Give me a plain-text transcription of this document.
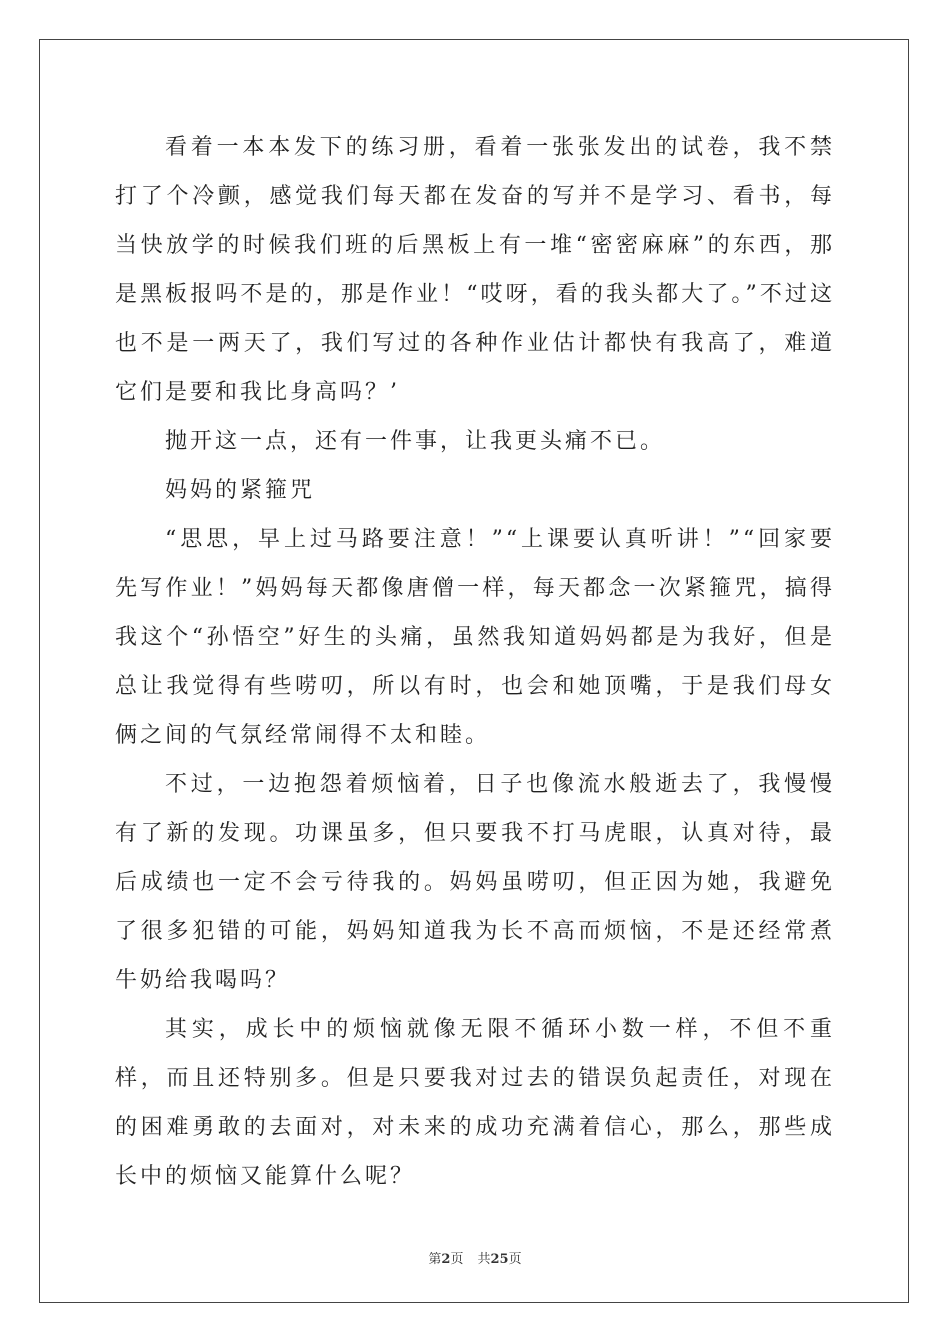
看着一本本发下的练习册，看着一张张发出的试卷，我不禁打了个冷颤，感觉我们每天都在发奋的写并不是学习、看书，每当快放学的时候我们班的后黑板上有一堆“密密麻麻”的东西，那是黑板报吗不是的，那是作业！“哎呀，看的我头都大了。”不过这也不是一两天了，我们写过的各种作业估计都快有我高了，难道它们是要和我比身高吗？’

抛开这一点，还有一件事，让我更头痛不已。

妈妈的紧箍咒

“思思，早上过马路要注意！”“上课要认真听讲！”“回家要先写作业！”妈妈每天都像唐僧一样，每天都念一次紧箍咒，搞得我这个“孙悟空”好生的头痛，虽然我知道妈妈都是为我好，但是总让我觉得有些唠叨，所以有时，也会和她顶嘴，于是我们母女俩之间的气氛经常闹得不太和睦。

不过，一边抱怨着烦恼着，日子也像流水般逝去了，我慢慢有了新的发现。功课虽多，但只要我不打马虎眼，认真对待，最后成绩也一定不会亏待我的。妈妈虽唠叨，但正因为她，我避免了很多犯错的可能，妈妈知道我为长不高而烦恼，不是还经常煮牛奶给我喝吗？

其实，成长中的烦恼就像无限不循环小数一样，不但不重样，而且还特别多。但是只要我对过去的错误负起责任，对现在的困难勇敢的去面对，对未来的成功充满着信心，那么，那些成长中的烦恼又能算什么呢？

第2页 共25页
